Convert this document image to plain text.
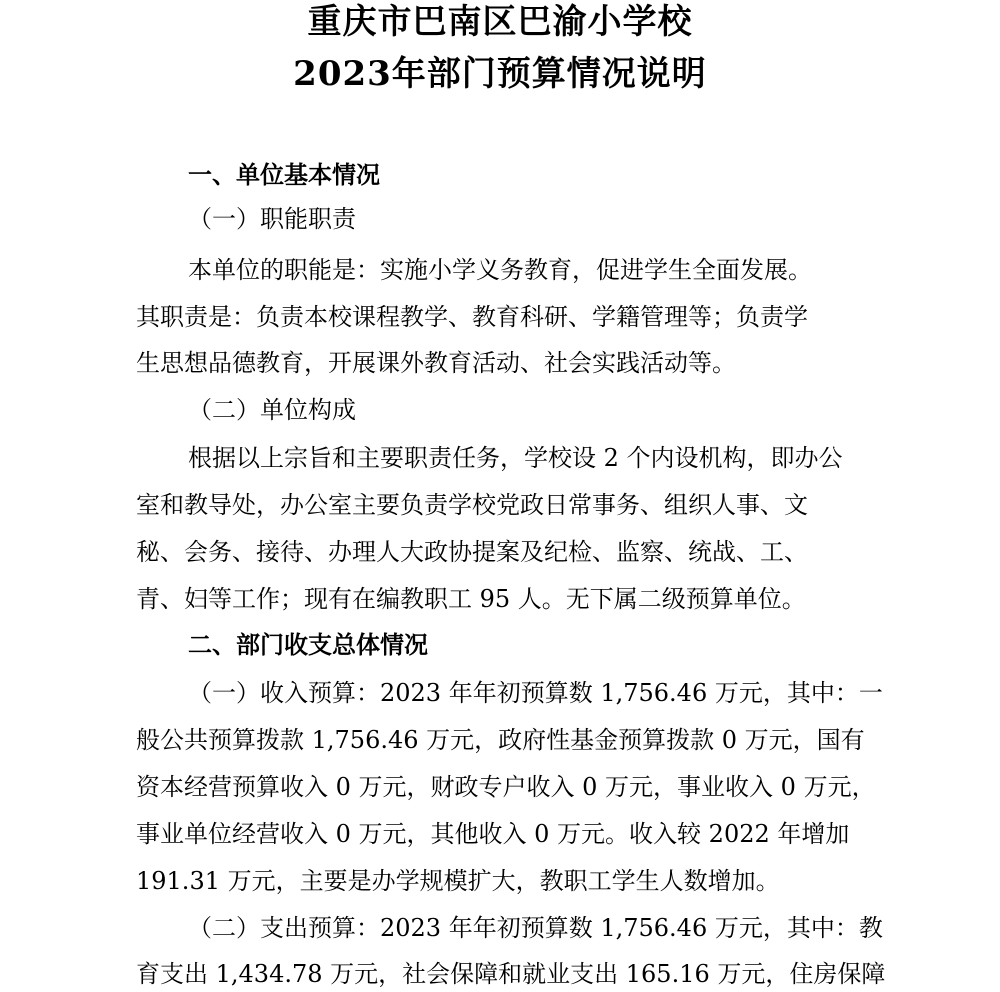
重庆市巴南区巴渝小学校
2023年部门预算情况说明
一、单位基本情况
（一）职能职责
本单位的职能是：实施小学义务教育，促进学生全面发展。
其职责是：负责本校课程教学、教育科研、学籍管理等；负责学
生思想品德教育，开展课外教育活动、社会实践活动等。
（二）单位构成
根据以上宗旨和主要职责任务，学校设 2 个内设机构，即办公
室和教导处，办公室主要负责学校党政日常事务、组织人事、文
秘、会务、接待、办理人大政协提案及纪检、监察、统战、工、
青、妇等工作；现有在编教职工 95 人。无下属二级预算单位。
二、部门收支总体情况
（一）收入预算：2023 年年初预算数 1,756.46 万元，其中：一
般公共预算拨款 1,756.46 万元，政府性基金预算拨款 0 万元，国有
资本经营预算收入 0 万元，财政专户收入 0 万元，事业收入 0 万元，
事业单位经营收入 0 万元，其他收入 0 万元。收入较 2022 年增加
191.31 万元，主要是办学规模扩大，教职工学生人数增加。
（二）支出预算：2023 年年初预算数 1,756.46 万元，其中：教
育支出 1,434.78 万元，社会保障和就业支出 165.16 万元，住房保障
